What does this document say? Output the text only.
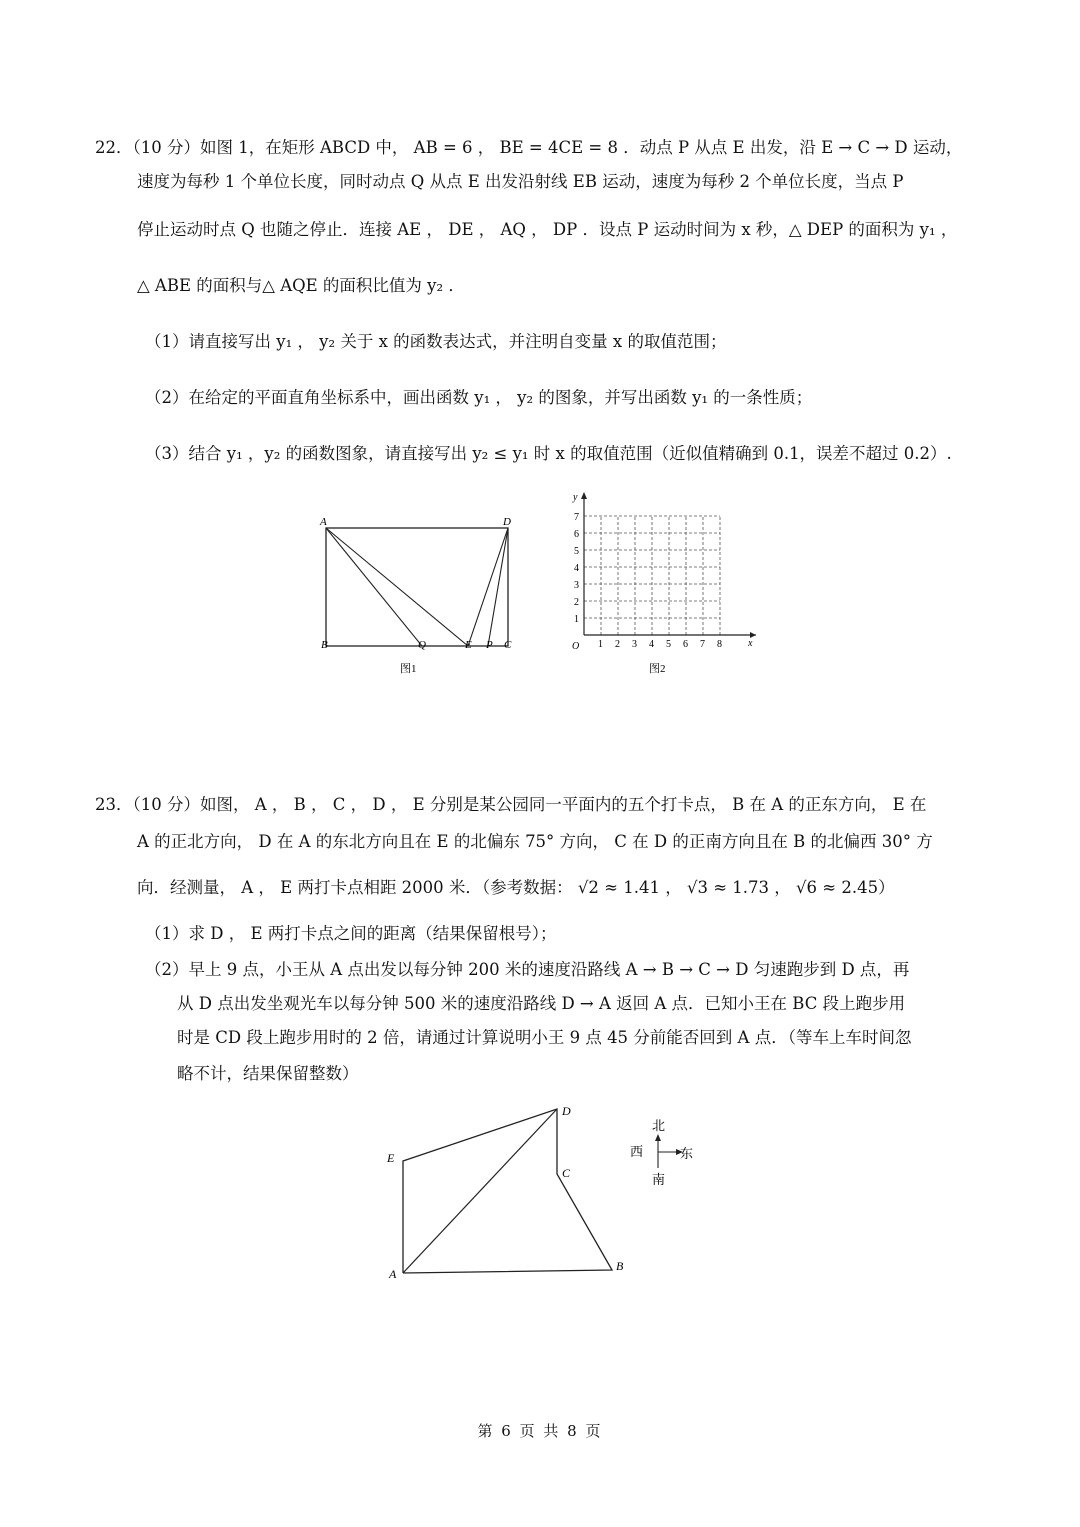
22．（10 分）如图 1，在矩形 ABCD 中， AB = 6 ， BE = 4CE = 8 ．动点 P 从点 E 出发，沿 E → C → D 运动，
速度为每秒 1 个单位长度，同时动点 Q 从点 E 出发沿射线 EB 运动，速度为每秒 2 个单位长度，当点 P
停止运动时点 Q 也随之停止．连接 AE ， DE ， AQ ， DP ．设点 P 运动时间为 x 秒，△ DEP 的面积为 y₁ ，
△ ABE 的面积与△ AQE 的面积比值为 y₂ ．
（1）请直接写出 y₁ ， y₂ 关于 x 的函数表达式，并注明自变量 x 的取值范围；
（2）在给定的平面直角坐标系中，画出函数 y₁ ， y₂ 的图象，并写出函数 y₁ 的一条性质；
（3）结合 y₁ ，y₂ 的函数图象，请直接写出 y₂ ≤ y₁ 时 x 的取值范围（近似值精确到 0.1，误差不超过 0.2）.
A	D
B	Q	E P C
图1
x
y
O 1 2 3 4 5 6 7 8
1
2
3
4
5
6
7
图2
23．（10 分）如图， A ， B ， C ， D ， E 分别是某公园同一平面内的五个打卡点， B 在 A 的正东方向， E 在
A 的正北方向， D 在 A 的东北方向且在 E 的北偏东 75° 方向， C 在 D 的正南方向且在 B 的北偏西 30° 方
向．经测量， A ， E 两打卡点相距 2000 米．（参考数据： √2 ≈ 1.41 ， √3 ≈ 1.73 ， √6 ≈ 2.45）
（1）求 D ， E 两打卡点之间的距离（结果保留根号）；
（2）早上 9 点，小王从 A 点出发以每分钟 200 米的速度沿路线 A → B → C → D 匀速跑步到 D 点，再
从 D 点出发坐观光车以每分钟 500 米的速度沿路线 D → A 返回 A 点．已知小王在 BC 段上跑步用
时是 CD 段上跑步用时的 2 倍，请通过计算说明小王 9 点 45 分前能否回到 A 点．（等车上车时间忽
略不计，结果保留整数）
D
E
C
A
B
北
西	东
南
第 6 页 共 8 页
